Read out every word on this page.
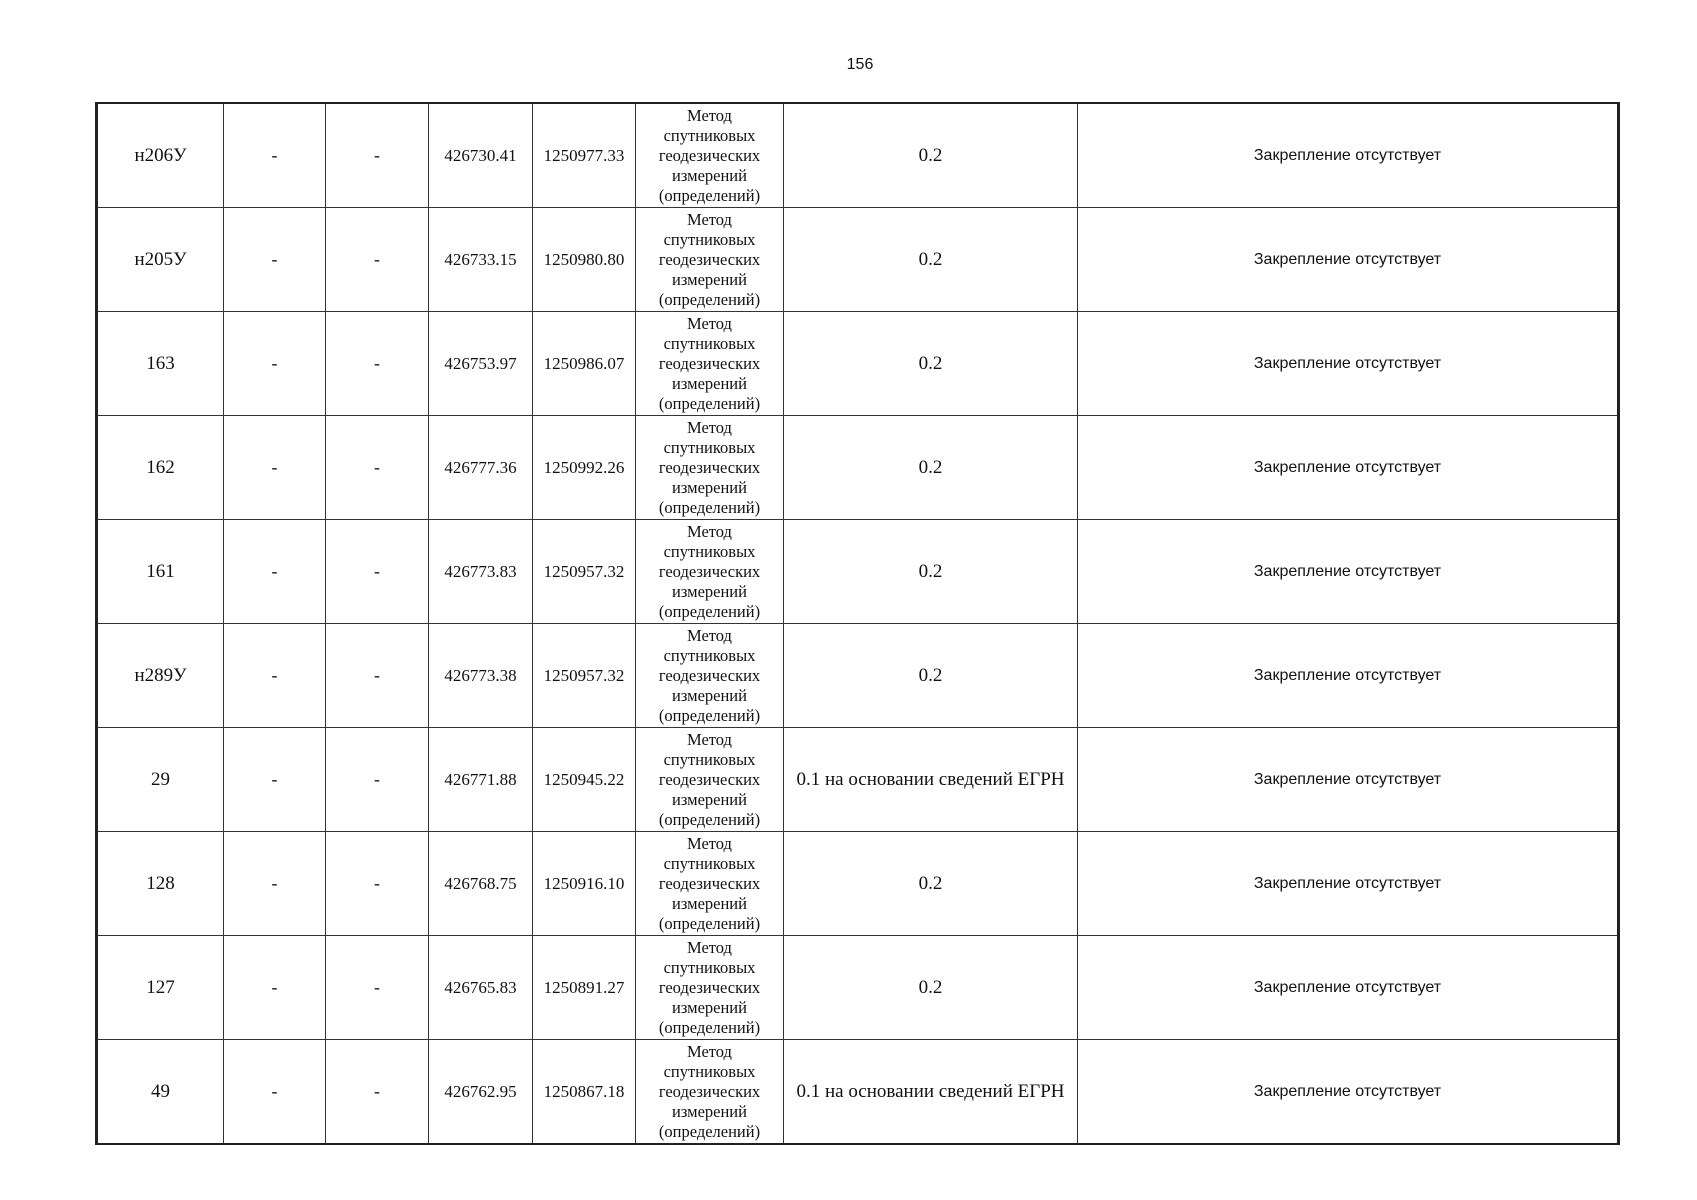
156
н206У	-	-	426730.41	1250977.33	Метод
спутниковых
геодезических
измерений
(определений)	0.2	Закрепление отсутствует
н205У	-	-	426733.15	1250980.80	Метод
спутниковых
геодезических
измерений
(определений)	0.2	Закрепление отсутствует
163	-	-	426753.97	1250986.07	Метод
спутниковых
геодезических
измерений
(определений)	0.2	Закрепление отсутствует
162	-	-	426777.36	1250992.26	Метод
спутниковых
геодезических
измерений
(определений)	0.2	Закрепление отсутствует
161	-	-	426773.83	1250957.32	Метод
спутниковых
геодезических
измерений
(определений)	0.2	Закрепление отсутствует
н289У	-	-	426773.38	1250957.32	Метод
спутниковых
геодезических
измерений
(определений)	0.2	Закрепление отсутствует
29	-	-	426771.88	1250945.22	Метод
спутниковых
геодезических
измерений
(определений)	0.1 на основании сведений ЕГРН	Закрепление отсутствует
128	-	-	426768.75	1250916.10	Метод
спутниковых
геодезических
измерений
(определений)	0.2	Закрепление отсутствует
127	-	-	426765.83	1250891.27	Метод
спутниковых
геодезических
измерений
(определений)	0.2	Закрепление отсутствует
49	-	-	426762.95	1250867.18	Метод
спутниковых
геодезических
измерений
(определений)	0.1 на основании сведений ЕГРН	Закрепление отсутствует
